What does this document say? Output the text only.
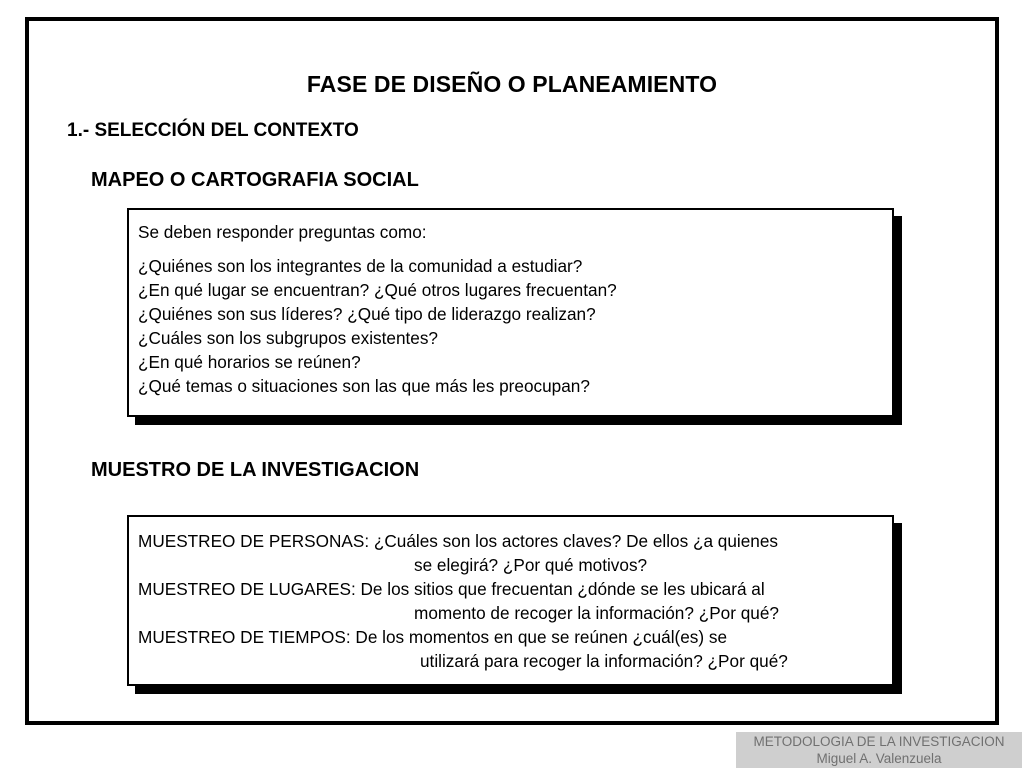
FASE DE DISEÑO O PLANEAMIENTO
1.- SELECCIÓN DEL CONTEXTO
MAPEO O CARTOGRAFIA SOCIAL
Se deben responder preguntas como:
¿Quiénes son los integrantes de la comunidad a estudiar?
¿En qué lugar se encuentran? ¿Qué otros lugares frecuentan?
¿Quiénes son sus líderes? ¿Qué tipo de liderazgo realizan?
¿Cuáles son los subgrupos existentes?
¿En qué horarios se reúnen?
¿Qué temas o situaciones son las que más les preocupan?
MUESTRO DE LA INVESTIGACION
MUESTREO DE PERSONAS: ¿Cuáles son los actores claves? De ellos ¿a quienes
se elegirá? ¿Por qué motivos?
MUESTREO DE LUGARES: De los sitios que frecuentan ¿dónde se les ubicará al
momento de recoger la información? ¿Por qué?
MUESTREO DE TIEMPOS: De los momentos en que se reúnen ¿cuál(es) se
utilizará para recoger la información? ¿Por qué?
METODOLOGIA DE LA INVESTIGACION
Miguel A. Valenzuela
